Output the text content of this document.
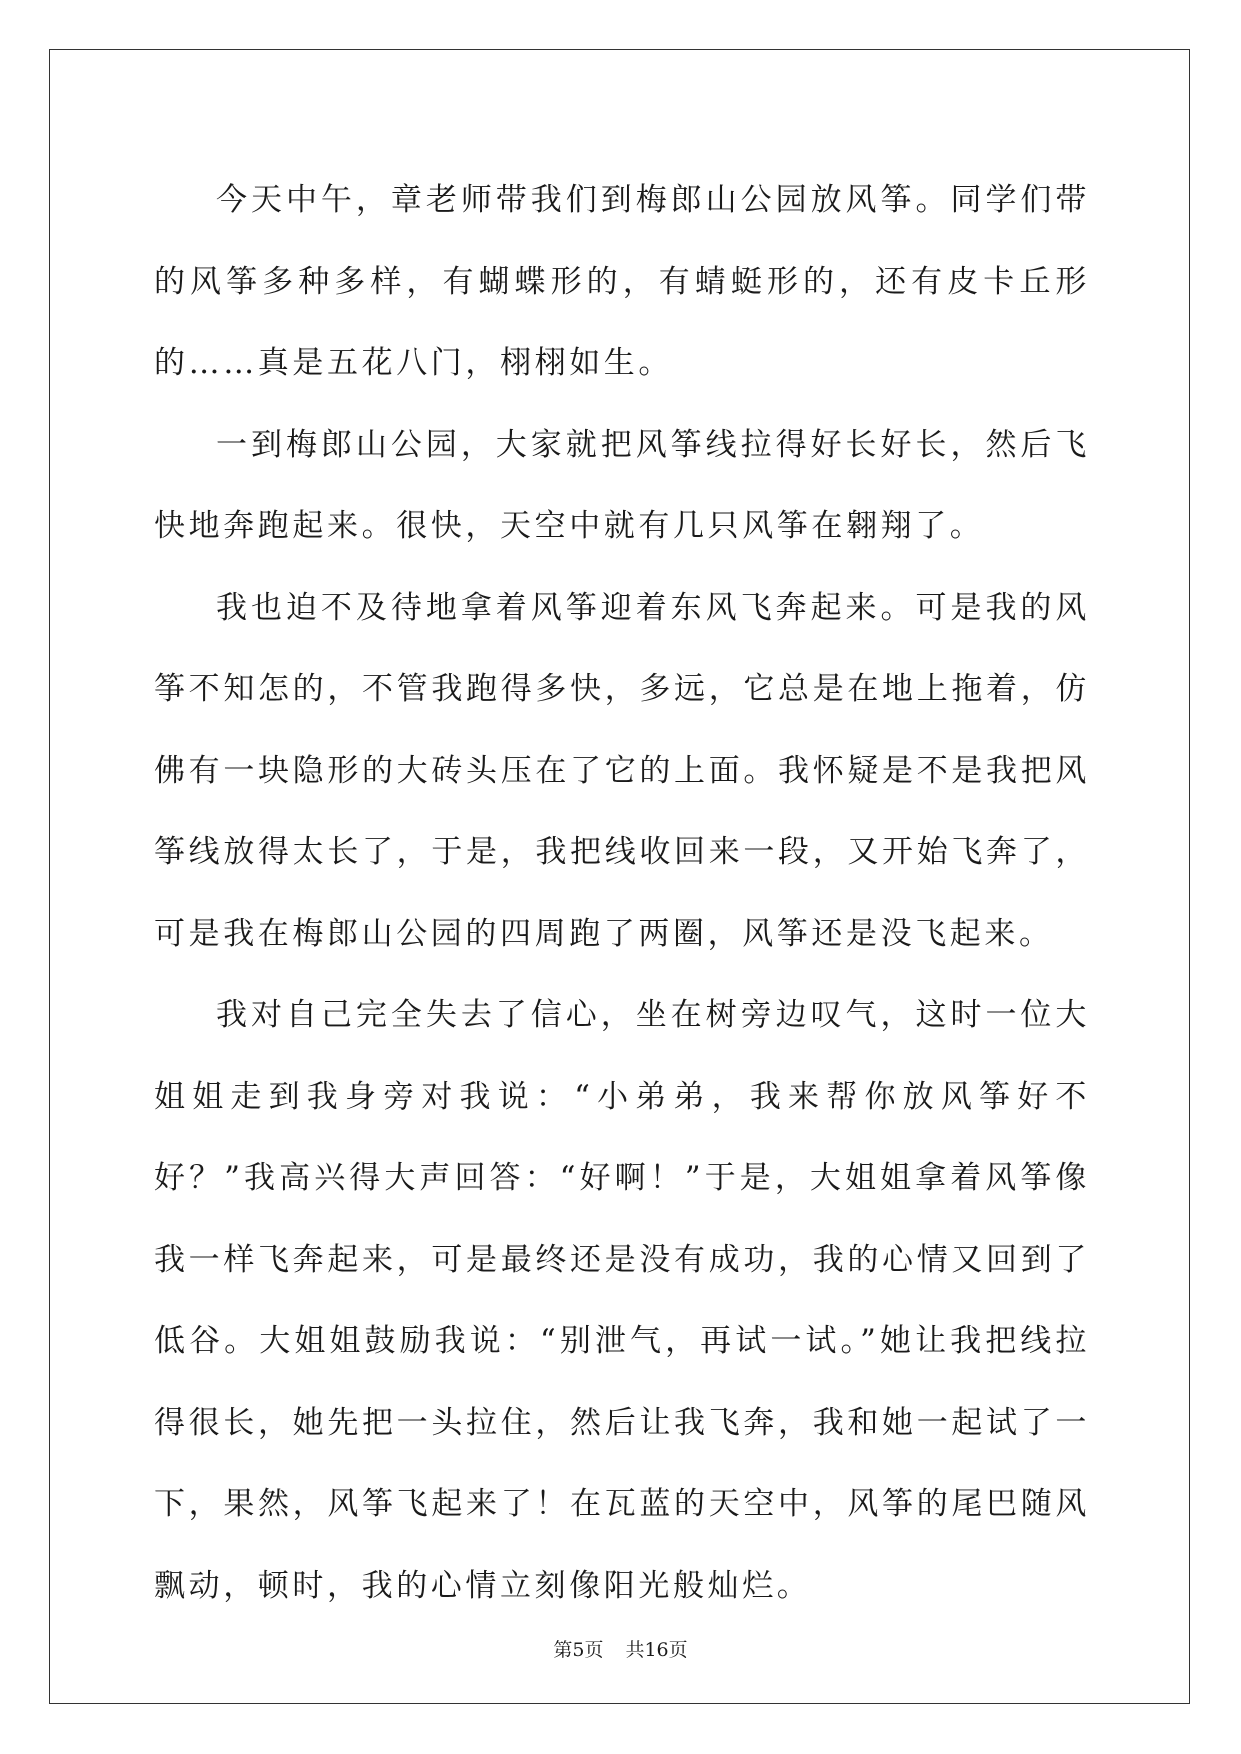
今天中午，章老师带我们到梅郎山公园放风筝。同学们带的风筝多种多样，有蝴蝶形的，有蜻蜓形的，还有皮卡丘形的……真是五花八门，栩栩如生。

一到梅郎山公园，大家就把风筝线拉得好长好长，然后飞快地奔跑起来。很快，天空中就有几只风筝在翱翔了。

我也迫不及待地拿着风筝迎着东风飞奔起来。可是我的风筝不知怎的，不管我跑得多快，多远，它总是在地上拖着，仿佛有一块隐形的大砖头压在了它的上面。我怀疑是不是我把风筝线放得太长了，于是，我把线收回来一段，又开始飞奔了，可是我在梅郎山公园的四周跑了两圈，风筝还是没飞起来。

我对自己完全失去了信心，坐在树旁边叹气，这时一位大姐姐走到我身旁对我说：“小弟弟，我来帮你放风筝好不好？”我高兴得大声回答：“好啊！”于是，大姐姐拿着风筝像我一样飞奔起来，可是最终还是没有成功，我的心情又回到了低谷。大姐姐鼓励我说：“别泄气，再试一试。”她让我把线拉得很长，她先把一头拉住，然后让我飞奔，我和她一起试了一下，果然，风筝飞起来了！在瓦蓝的天空中，风筝的尾巴随风飘动，顿时，我的心情立刻像阳光般灿烂。

第5页 共16页
